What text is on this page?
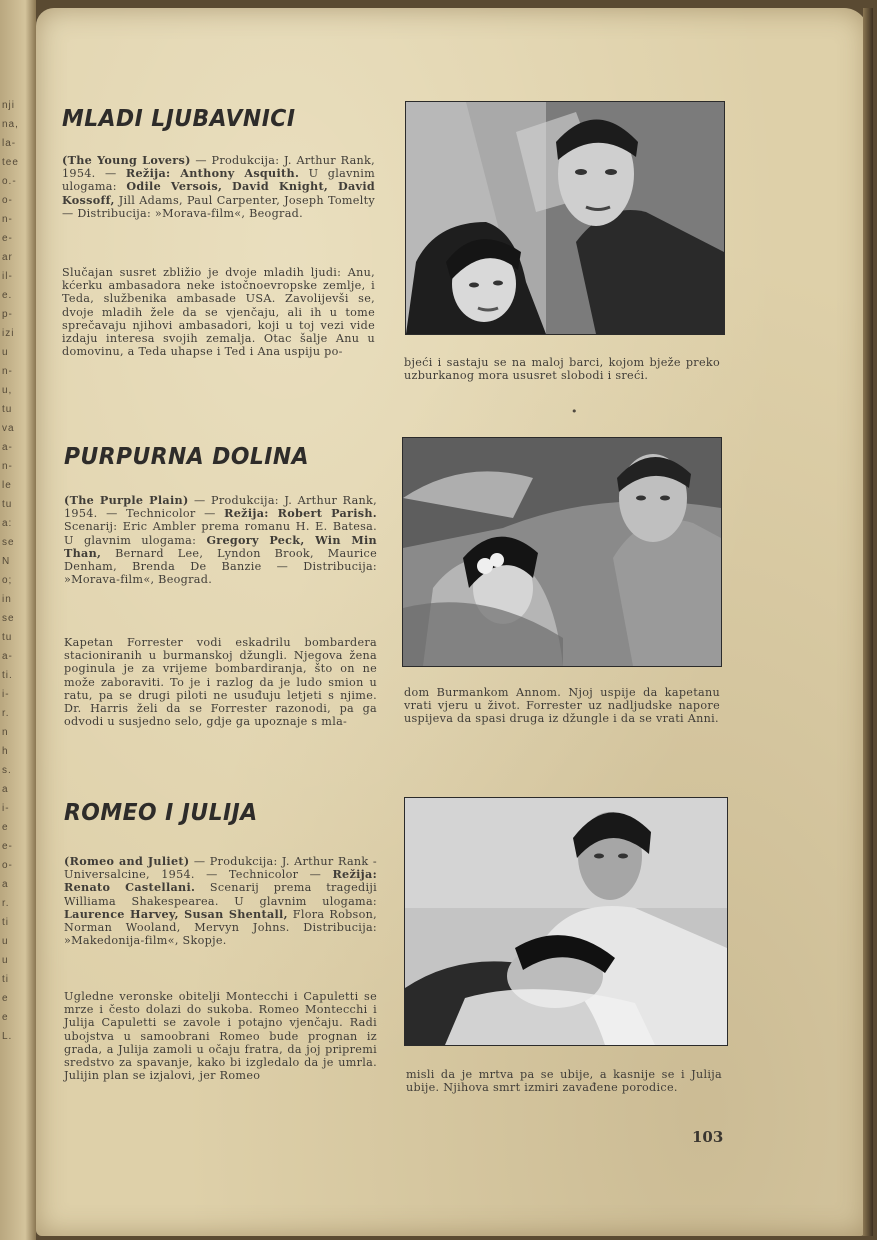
nji
na,
la-
tee
o.-
o-
n-
e-
ar
il-
e.
p-
izi
u
n-
u,
tu
va
a-
n-
le
tu
a:
se
N
o;
in
se
tu
a-
ti.
i-
r.
n
h
s.
a
i-
e
e-
o-
a
r.
ti
u
u
ti
e
e
L.
MLADI LJUBAVNICI

(The Young Lovers) — Produkcija: J. Arthur Rank, 1954. — Režija: Anthony Asquith. U glavnim ulogama: Odile Versois, David Knight, David Kossoff, Jill Adams, Paul Carpenter, Joseph Tomelty — Distribucija: »Morava-film«, Beograd.

Slučajan susret zbližio je dvoje mladih ljudi: Anu, kćerku ambasadora neke istočnoevropske zemlje, i Teda, službenika ambasade USA. Zavolijevši se, dvoje mladih žele da se vjenčaju, ali ih u tome sprečavaju njihovi ambasadori, koji u toj vezi vide izdaju interesa svojih zemalja. Otac šalje Anu u domovinu, a Teda uhapse i Ted i Ana uspiju po-

bjeći i sastaju se na maloj barci, kojom bježe preko uzburkanog mora ususret slobodi i sreći.

PURPURNA DOLINA

(The Purple Plain) — Produkcija: J. Arthur Rank, 1954. — Technicolor — Režija: Robert Parish. Scenarij: Eric Ambler prema romanu H. E. Batesa. U glavnim ulogama: Gregory Peck, Win Min Than, Bernard Lee, Lyndon Brook, Maurice Denham, Brenda De Banzie — Distribucija: »Morava-film«, Beograd.

Kapetan Forrester vodi eskadrilu bombardera stacioniranih u burmanskoj džungli. Njegova žena poginula je za vrijeme bombardiranja, što on ne može zaboraviti. To je i razlog da je ludo smion u ratu, pa se drugi piloti ne usuđuju letjeti s njime. Dr. Harris želi da se Forrester razonodi, pa ga odvodi u susjedno selo, gdje ga upoznaje s mla-

dom Burmankom Annom. Njoj uspije da kapetanu vrati vjeru u život. Forrester uz nadljudske napore uspijeva da spasi druga iz džungle i da se vrati Anni.

ROMEO I JULIJA

(Romeo and Juliet) — Produkcija: J. Arthur Rank - Universalcine, 1954. — Technicolor — Režija: Renato Castellani. Scenarij prema tragediji Williama Shakespearea. U glavnim ulogama: Laurence Harvey, Susan Shentall, Flora Robson, Norman Wooland, Mervyn Johns. Distribucija: »Makedonija-film«, Skopje.

Ugledne veronske obitelji Montecchi i Capuletti se mrze i često dolazi do sukoba. Romeo Montecchi i Julija Capuletti se zavole i potajno vjenčaju. Radi ubojstva u samoobrani Romeo bude prognan iz grada, a Julija zamoli u očaju fratra, da joj pripremi sredstvo za spavanje, kako bi izgledalo da je umrla. Julijin plan se izjalovi, jer Romeo	misli da je mrtva pa se ubije, a kasnije se i Julija ubije. Njihova smrt izmiri zavađene porodice.

•
103
